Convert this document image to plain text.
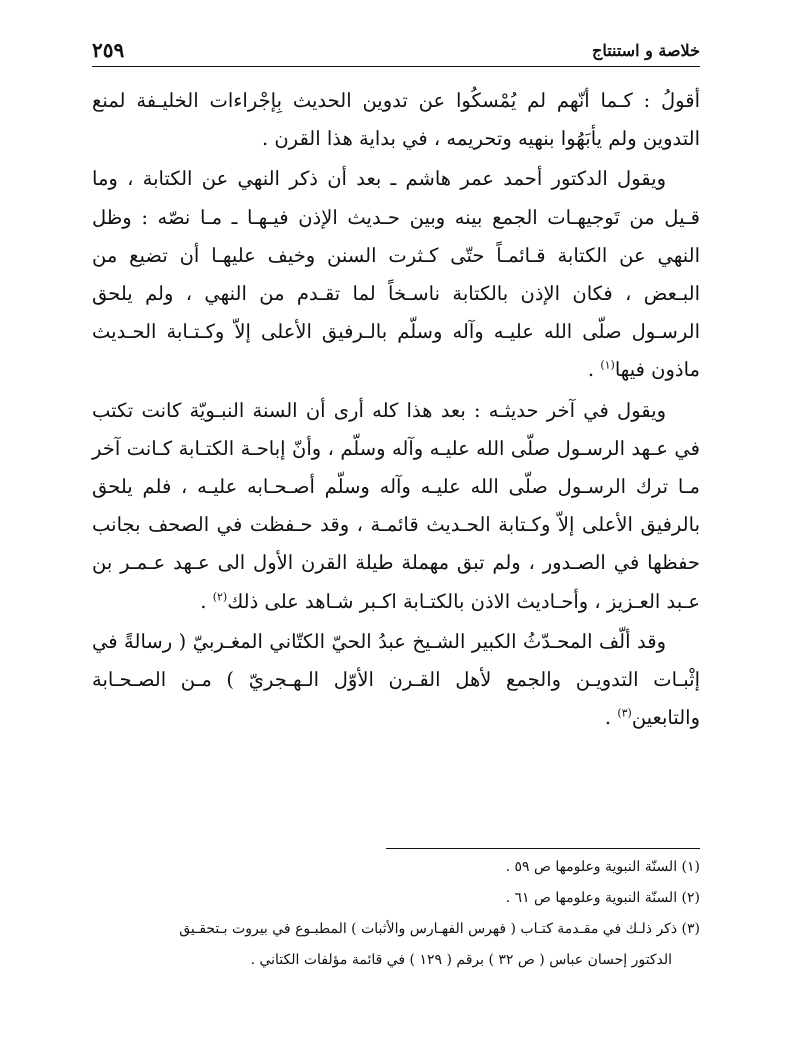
خلاصة و استنتاج
٢٥٩

أقولُ : كـما أنّهم لم يُمْسكُوا عن تدوين الحديث بِإجْراءات الخليـفة لمنع التدوين ولم يأبَهُوا بنهيه وتحريمه ، في بداية هذا القرن .

ويقول الدكتور أحمد عمر هاشم ـ بعد أن ذكر النهي عن الكتابة ، وما قـيل من تَوجيهـات الجمع بينه وبين حـديث الإذن فيـهـا ـ مـا نصّه : وظل النهي عن الكتابة قـائمـاً حتّى كـثرت السنن وخيف عليهـا أن تضيع من البـعض ، فكان الإذن بالكتابة ناسـخاً لما تقـدم من النهي ، ولم يلحق الرسـول صلّى الله عليـه وآله وسلّم بالـرفيق الأعلى إلاّ وكـتـابة الحـديث ماذون فيها$^{(١)}$ .

ويقول في آخر حديثـه : بعد هذا كله أرى أن السنة النبـويّة كانت تكتب في عـهد الرسـول صلّى الله عليـه وآله وسلّم ، وأنّ إباحـة الكتـابة كـانت آخر مـا ترك الرسـول صلّى الله عليـه وآله وسلّم أصـحـابه عليـه ، فلم يلحق بالرفيق الأعلى إلاّ وكـتابة الحـديث قائمـة ، وقد حـفظت في الصحف بجانب حفظها في الصـدور ، ولم تبق مهملة طيلة القرن الأول الى عـهد عـمـر بن عـبد العـزيز ، وأحـاديث الاذن بالكتـابة اكـبر شـاهد على ذلك$^{(٢)}$ .

وقد ألّف المحـدّثُ الكبير الشـيخ عبدُ الحيّ الكتّاني المغـربيّ ( رسالةً في إثْبـات التدويـن والجمع لأهل القـرن الأوّل الـهـجريّ ) مـن الصـحـابة والتابعين$^{(٣)}$ .

(١) السنّة النبوية وعلومها ص ٥٩ .

(٢) السنّة النبوية وعلومها ص ٦١ .

(٣) ذكر ذلـك في مقـدمة كتـاب ( فهرس الفهـارس والأثبات ) المطبـوع في بيروت بـتحقـيق

الدكتور إحسان عباس ( ص ٣٢ ) برقم ( ١٢٩ ) في قائمة مؤلفات الكتاني .
